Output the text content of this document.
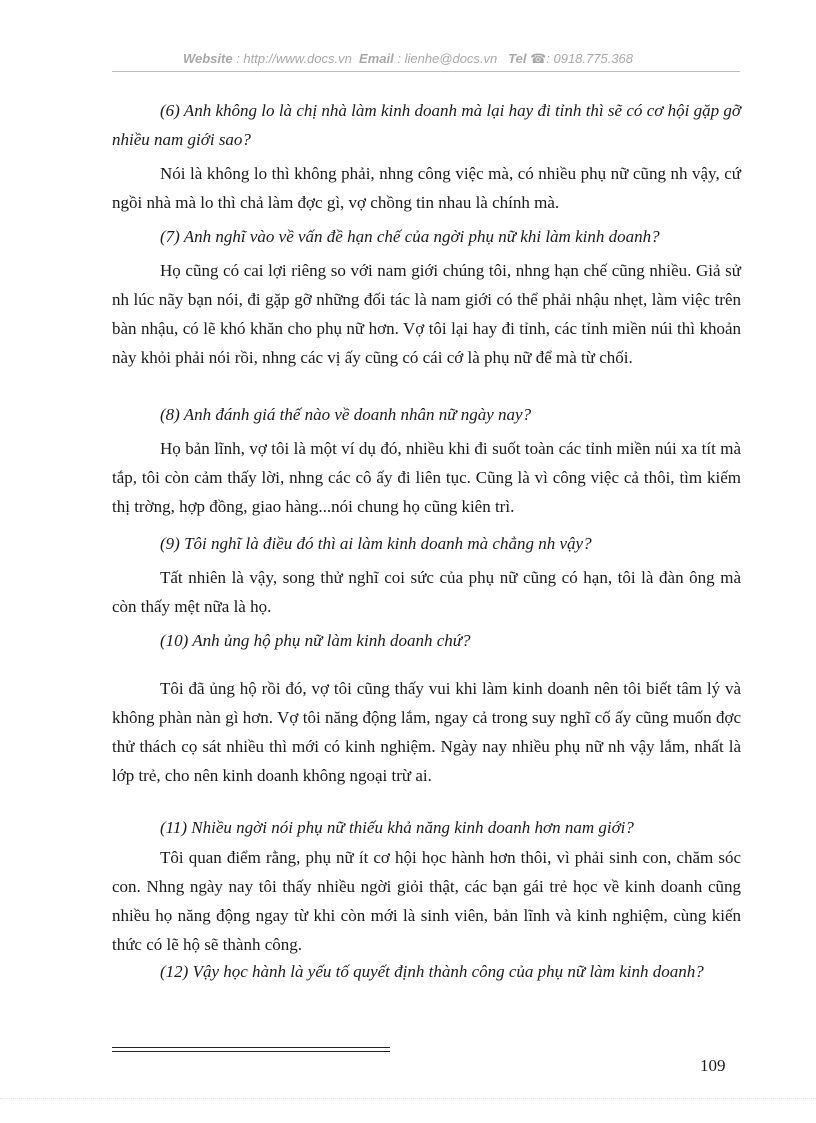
Website : http://www.docs.vn Email : lienhe@docs.vn Tel ☎: 0918.775.368

(6) Anh không lo là chị nhà làm kinh doanh mà lại hay đi tỉnh thì sẽ có cơ hội gặp gỡ nhiều nam giới sao?

Nói là không lo thì không phải, nhng công việc mà, có nhiều phụ nữ cũng nh vậy, cứ ngồi nhà mà lo thì chả làm đợc gì, vợ chồng tin nhau là chính mà.

(7) Anh nghĩ vào về vấn đề hạn chế của ngời phụ nữ khi làm kinh doanh?

Họ cũng có cai lợi riêng so với nam giới chúng tôi, nhng hạn chế cũng nhiều. Giả sử nh lúc nãy bạn nói, đi gặp gỡ những đối tác là nam giới có thể phải nhậu nhẹt, làm việc trên bàn nhậu, có lẽ khó khăn cho phụ nữ hơn. Vợ tôi lại hay đi tỉnh, các tỉnh miền núi thì khoản này khỏi phải nói rồi, nhng các vị ấy cũng có cái cớ là phụ nữ để mà từ chối.

(8) Anh đánh giá thế nào về doanh nhân nữ ngày nay?

Họ bản lĩnh, vợ tôi là một ví dụ đó, nhiều khi đi suốt toàn các tỉnh miền núi xa tít mà tắp, tôi còn cảm thấy lời, nhng các cô ấy đi liên tục. Cũng là vì công việc cả thôi, tìm kiếm thị trờng, hợp đồng, giao hàng...nói chung họ cũng kiên trì.

(9) Tôi nghĩ là điều đó thì ai làm kinh doanh mà chẳng nh vậy?

Tất nhiên là vậy, song thử nghĩ coi sức của phụ nữ cũng có hạn, tôi là đàn ông mà còn thấy mệt nữa là họ.

(10) Anh ủng hộ phụ nữ làm kinh doanh chứ?

Tôi đã ủng hộ rồi đó, vợ tôi cũng thấy vui khi làm kinh doanh nên tôi biết tâm lý và không phàn nàn gì hơn. Vợ tôi năng động lắm, ngay cả trong suy nghĩ cố ấy cũng muốn đợc thử thách cọ sát nhiều thì mới có kinh nghiệm. Ngày nay nhiều phụ nữ nh vậy lắm, nhất là lớp trẻ, cho nên kinh doanh không ngoại trừ ai.

(11) Nhiều ngời nói phụ nữ thiếu khả năng kinh doanh hơn nam giới?

Tôi quan điểm rằng, phụ nữ ít cơ hội học hành hơn thôi, vì phải sinh con, chăm sóc con. Nhng ngày nay tôi thấy nhiều ngời giỏi thật, các bạn gái trẻ học về kinh doanh cũng nhiều họ năng động ngay từ khi còn mới là sinh viên, bản lĩnh và kinh nghiệm, cùng kiến thức có lẽ hộ sẽ thành công.

(12) Vậy học hành là yếu tố quyết định thành công của phụ nữ làm kinh doanh?

109
